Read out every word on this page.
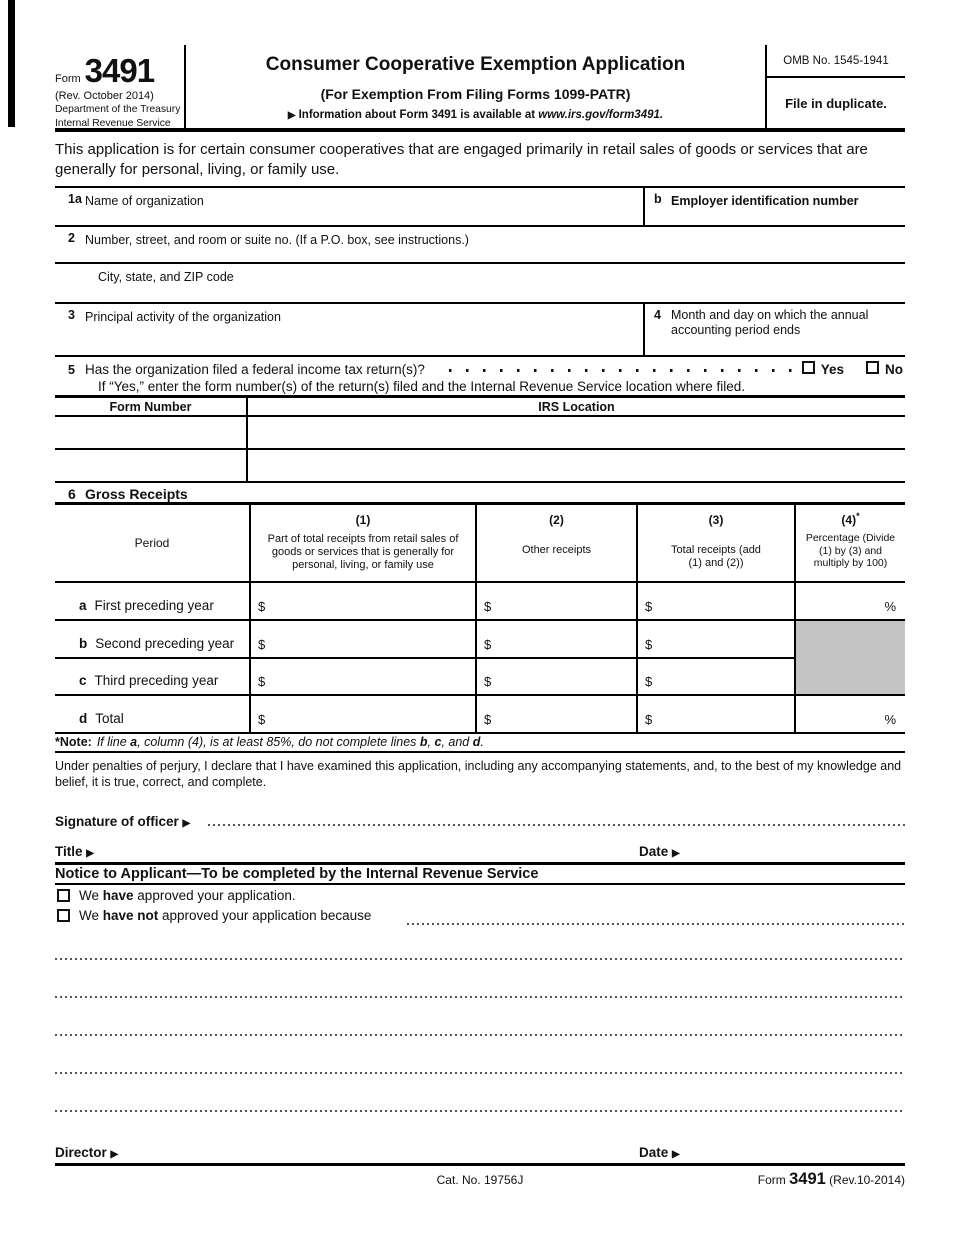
Form 3491
(Rev. October 2014)
Department of the Treasury
Internal Revenue Service
Consumer Cooperative Exemption Application
(For Exemption From Filing Forms 1099-PATR)
▶ Information about Form 3491 is available at www.irs.gov/form3491.
OMB No. 1545-1941
File in duplicate.
This application is for certain consumer cooperatives that are engaged primarily in retail sales of goods or services that are generally for personal, living, or family use.
1a Name of organization	b Employer identification number
2 Number, street, and room or suite no. (If a P.O. box, see instructions.)
City, state, and ZIP code
3 Principal activity of the organization	4 Month and day on which the annual accounting period ends
5 Has the organization filed a federal income tax return(s)?	Yes	No
If “Yes,” enter the form number(s) of the return(s) filed and the Internal Revenue Service location where filed.
Form Number	IRS Location
6 Gross Receipts
Period
(1)
Part of total receipts from retail sales of goods or services that is generally for personal, living, or family use
(2)
Other receipts
(3)
Total receipts (add (1) and (2))
(4)*
Percentage (Divide (1) by (3) and multiply by 100)
a First preceding year	$	$	$	%
b Second preceding year $	$	$
c Third preceding year	$	$	$
d Total	$	$	$	%
*Note: If line a, column (4), is at least 85%, do not complete lines b, c, and d.
Under penalties of perjury, I declare that I have examined this application, including any accompanying statements, and, to the best of my knowledge and belief, it is true, correct, and complete.
Signature of officer ▶
Title ▶	Date ▶
Notice to Applicant—To be completed by the Internal Revenue Service
We have approved your application.
We have not approved your application because
Director ▶	Date ▶
Cat. No. 19756J	Form 3491 (Rev.10-2014)
